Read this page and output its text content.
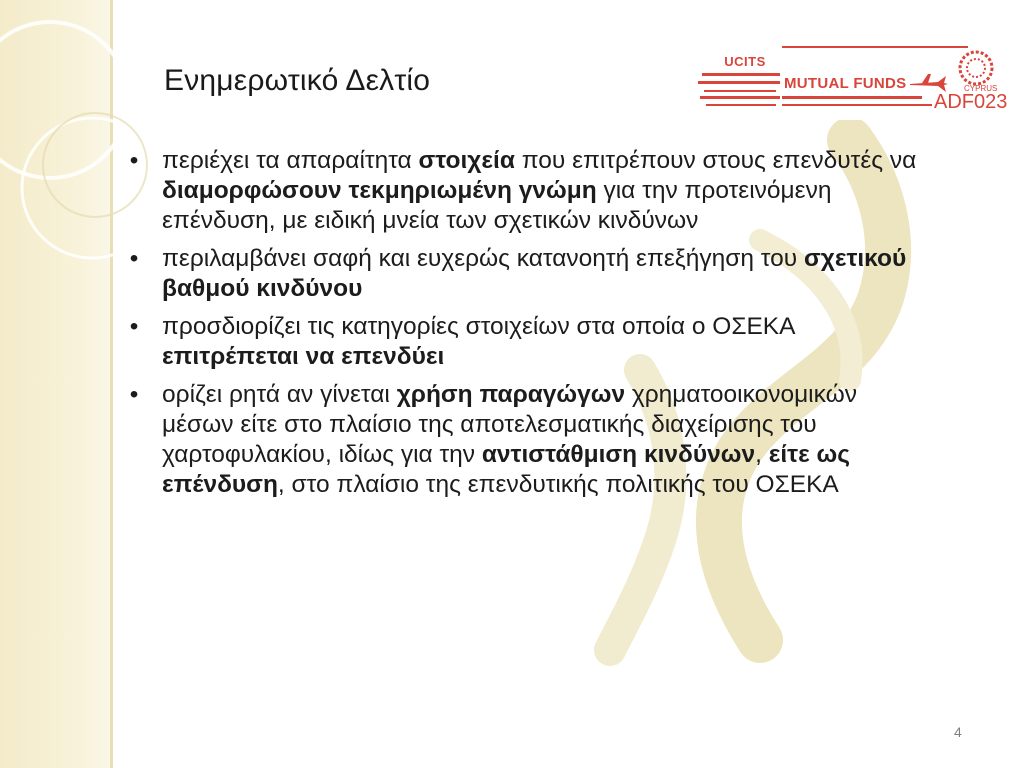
Ενημερωτικό Δελτίο
UCITS
MUTUAL FUNDS	CYPRUS
ADF023
• περιέχει τα απαραίτητα στοιχεία που επιτρέπουν στους επενδυτές να διαμορφώσουν τεκμηριωμένη γνώμη για την προτεινόμενη επένδυση, με ειδική μνεία των σχετικών κινδύνων
• περιλαμβάνει σαφή και ευχερώς κατανοητή επεξήγηση του σχετικού βαθμού κινδύνου
• προσδιορίζει τις κατηγορίες στοιχείων στα οποία ο ΟΣΕΚΑ επιτρέπεται να επενδύει
• ορίζει ρητά αν γίνεται χρήση παραγώγων χρηματοοικονομικών μέσων είτε στο πλαίσιο της αποτελεσματικής διαχείρισης του χαρτοφυλακίου, ιδίως για την αντιστάθμιση κινδύνων, είτε ως επένδυση, στο πλαίσιο της επενδυτικής πολιτικής του ΟΣΕΚΑ
4
